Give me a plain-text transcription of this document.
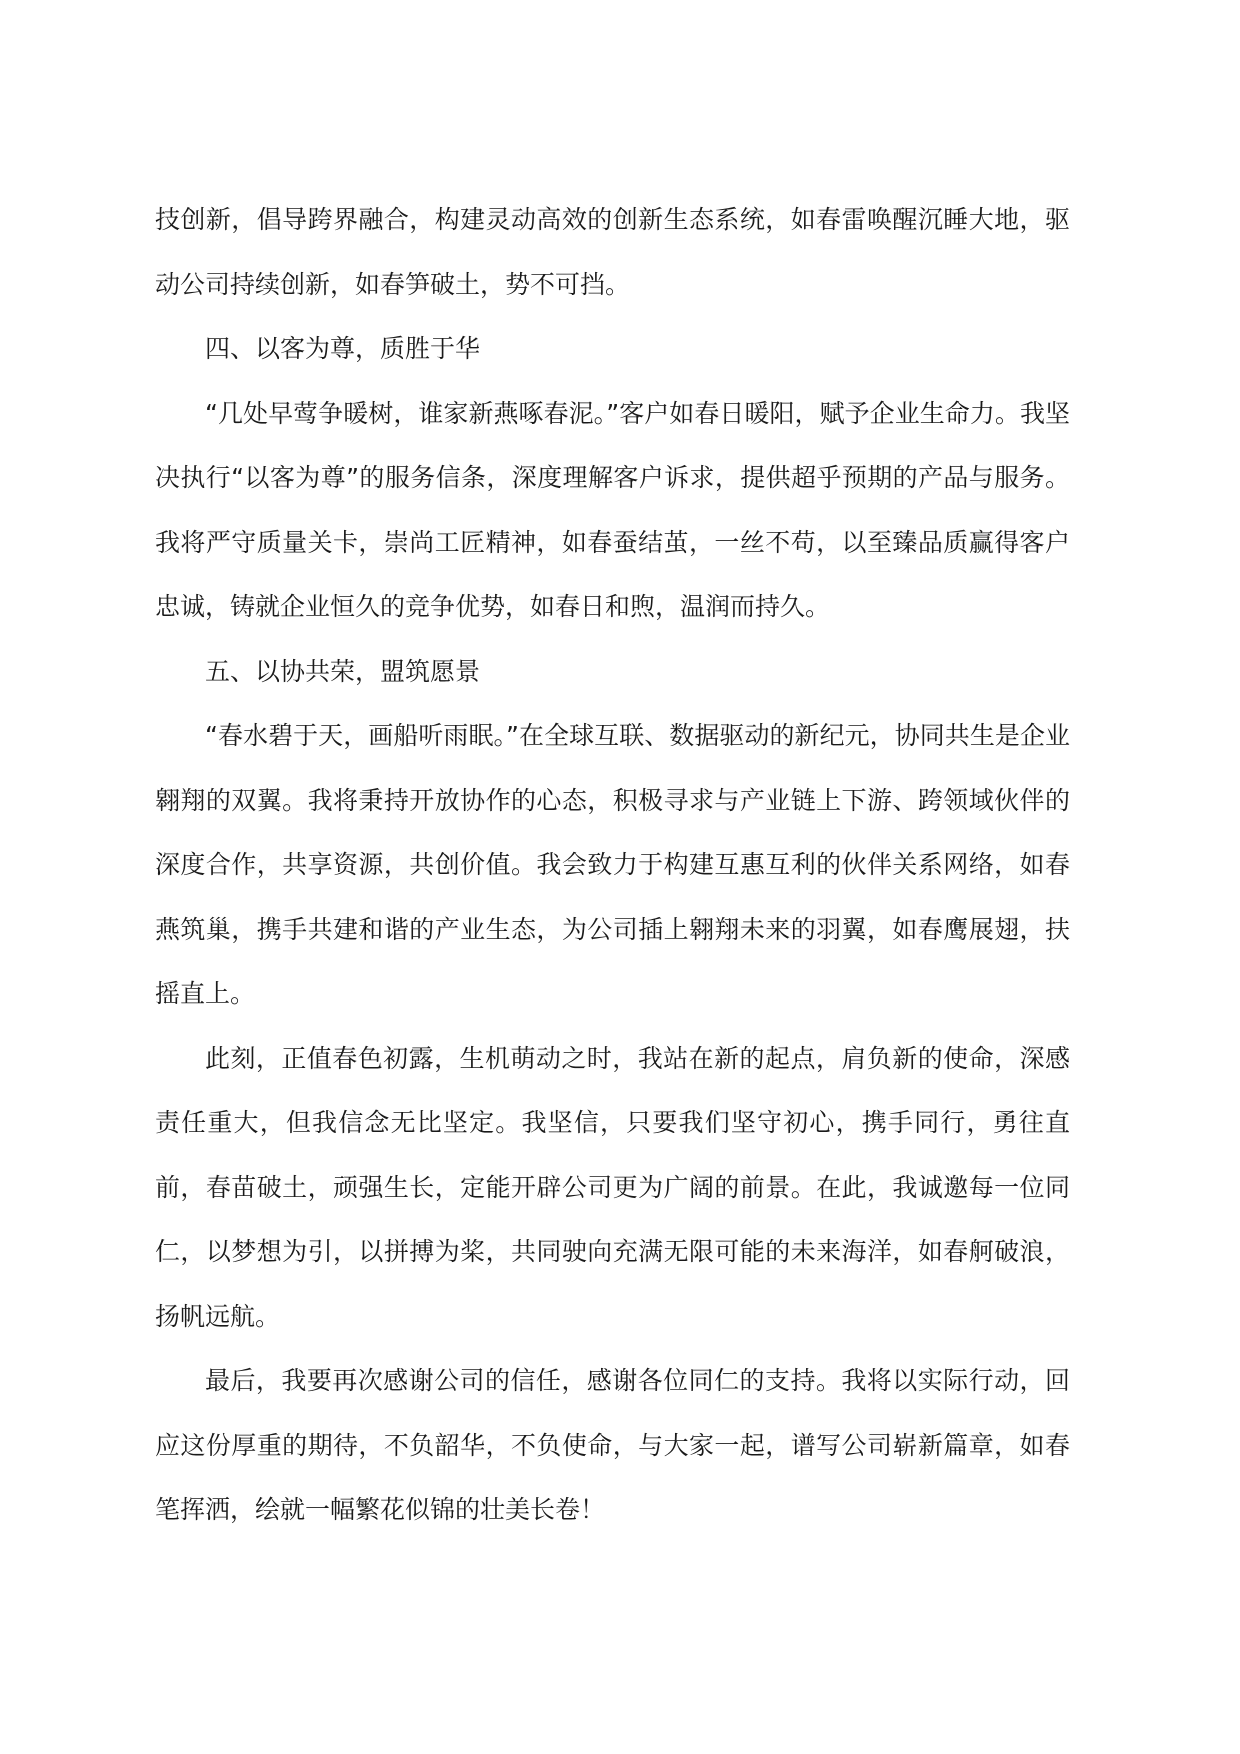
技创新，倡导跨界融合，构建灵动高效的创新生态系统，如春雷唤醒沉睡大地，驱动公司持续创新，如春笋破土，势不可挡。

四、以客为尊，质胜于华

“几处早莺争暖树，谁家新燕啄春泥。”客户如春日暖阳，赋予企业生命力。我坚决执行“以客为尊”的服务信条，深度理解客户诉求，提供超乎预期的产品与服务。我将严守质量关卡，崇尚工匠精神，如春蚕结茧，一丝不苟，以至臻品质赢得客户忠诚，铸就企业恒久的竞争优势，如春日和煦，温润而持久。

五、以协共荣，盟筑愿景

“春水碧于天，画船听雨眠。”在全球互联、数据驱动的新纪元，协同共生是企业翱翔的双翼。我将秉持开放协作的心态，积极寻求与产业链上下游、跨领域伙伴的深度合作，共享资源，共创价值。我会致力于构建互惠互利的伙伴关系网络，如春燕筑巢，携手共建和谐的产业生态，为公司插上翱翔未来的羽翼，如春鹰展翅，扶摇直上。

此刻，正值春色初露，生机萌动之时，我站在新的起点，肩负新的使命，深感责任重大，但我信念无比坚定。我坚信，只要我们坚守初心，携手同行，勇往直前，春苗破土，顽强生长，定能开辟公司更为广阔的前景。在此，我诚邀每一位同仁，以梦想为引，以拼搏为桨，共同驶向充满无限可能的未来海洋，如春舸破浪，扬帆远航。

最后，我要再次感谢公司的信任，感谢各位同仁的支持。我将以实际行动，回应这份厚重的期待，不负韶华，不负使命，与大家一起，谱写公司崭新篇章，如春笔挥洒，绘就一幅繁花似锦的壮美长卷！
